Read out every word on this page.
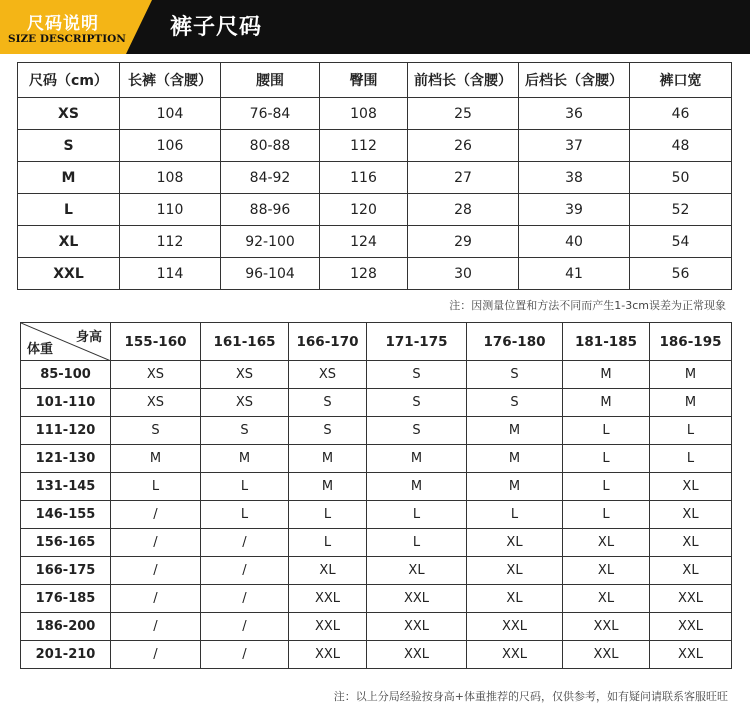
尺码说明
SIZE DESCRIPTION 裤子尺码
尺码（cm）	长裤（含腰）	腰围	臀围	前档长（含腰）	后档长（含腰）	裤口宽
XS	104	76-84	108	25	36	46
S	106	80-88	112	26	37	48
M	108	84-92	116	27	38	50
L	110	88-96	120	28	39	52
XL	112	92-100	124	29	40	54
XXL	114	96-104	128	30	41	56
注：因测量位置和方法不同而产生1-3cm误差为正常现象
身高
体重	155-160	161-165	166-170	171-175	176-180	181-185	186-195
85-100	XS	XS	XS	S	S	M	M
101-110	XS	XS	S	S	S	M	M
111-120	S	S	S	S	M	L	L
121-130	M	M	M	M	M	L	L
131-145	L	L	M	M	M	L	XL
146-155	/	L	L	L	L	L	XL
156-165	/	/	L	L	XL	XL	XL
166-175	/	/	XL	XL	XL	XL	XL
176-185	/	/	XXL	XXL	XL	XL	XXL
186-200	/	/	XXL	XXL	XXL	XXL	XXL
201-210	/	/	XXL	XXL	XXL	XXL	XXL
注：以上分局经验按身高+体重推荐的尺码，仅供参考，如有疑问请联系客服旺旺
